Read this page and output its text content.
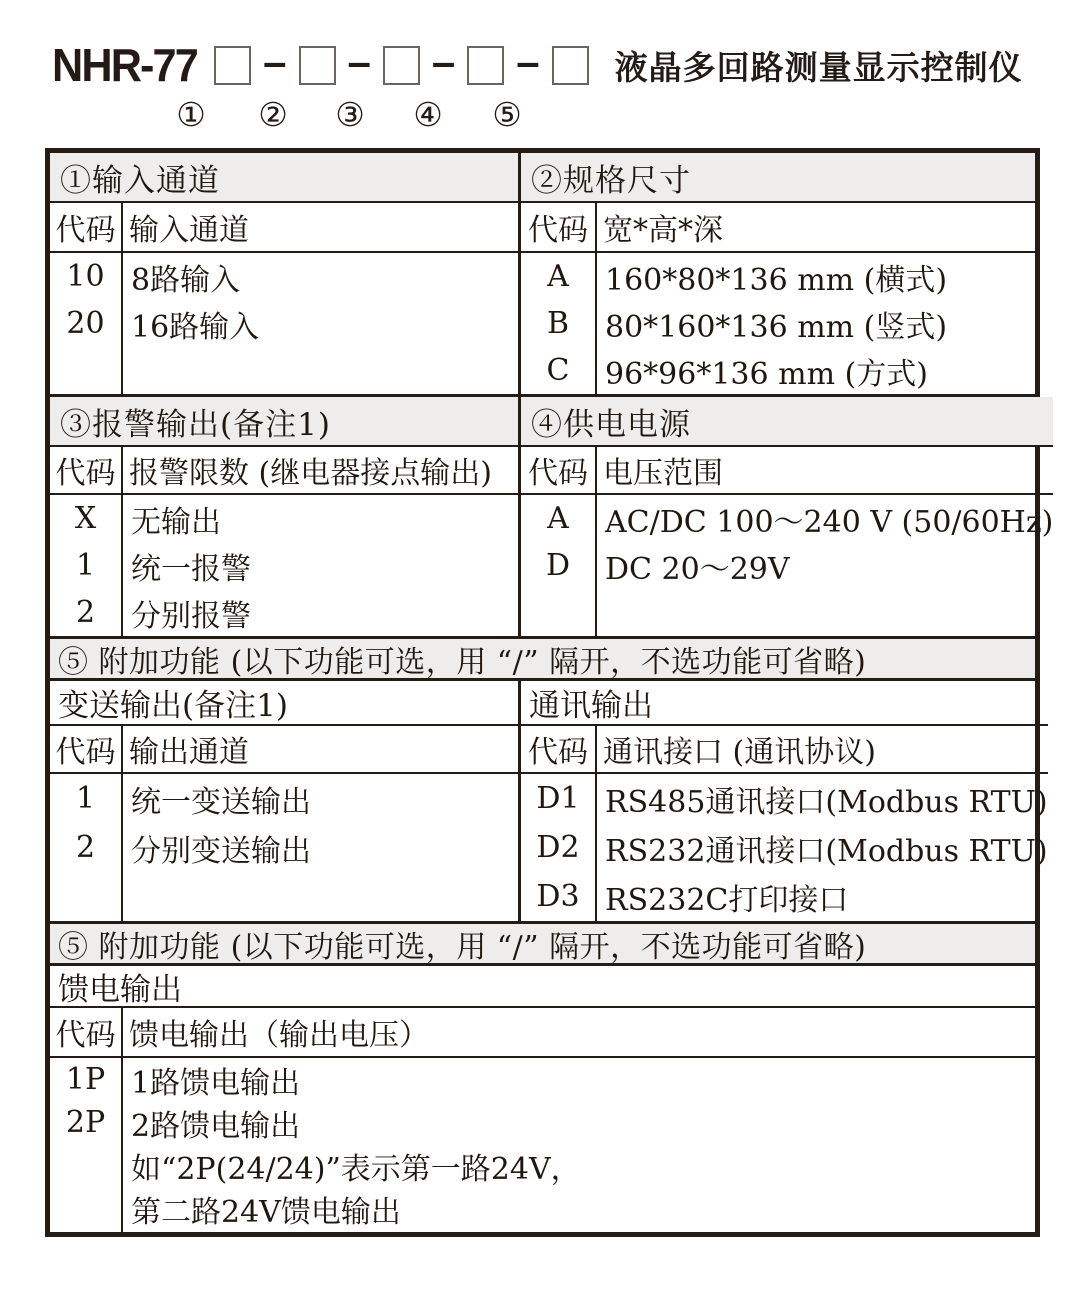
NHR-77 – – – – 液晶多回路测量显示控制仪
① ② ③ ④ ⑤
①输入通道
代码 输入通道
10
20
8路输入
16路输入
②规格尺寸
代码 宽*高*深
A
B
C
160*80*136 mm (横式)
80*160*136 mm (竖式)
96*96*136 mm (方式)
③报警输出(备注1)
代码 报警限数 (继电器接点输出)
X
1
2
无输出
统一报警
分别报警
④供电电源
代码 电压范围
A
D
AC/DC 100～240 V (50/60Hz)
DC 20～29V
⑤ 附加功能 (以下功能可选，用 “/” 隔开，不选功能可省略)
变送输出(备注1)
代码 输出通道
1
2
统一变送输出
分别变送输出
通讯输出
代码 通讯接口 (通讯协议)
D1
D2
D3
RS485通讯接口(Modbus RTU)
RS232通讯接口(Modbus RTU)
RS232C打印接口
⑤ 附加功能 (以下功能可选，用 “/” 隔开，不选功能可省略)
馈电输出
代码 馈电输出（输出电压）
1P
2P
1路馈电输出
2路馈电输出
如“2P(24/24)”表示第一路24V，
第二路24V馈电输出
